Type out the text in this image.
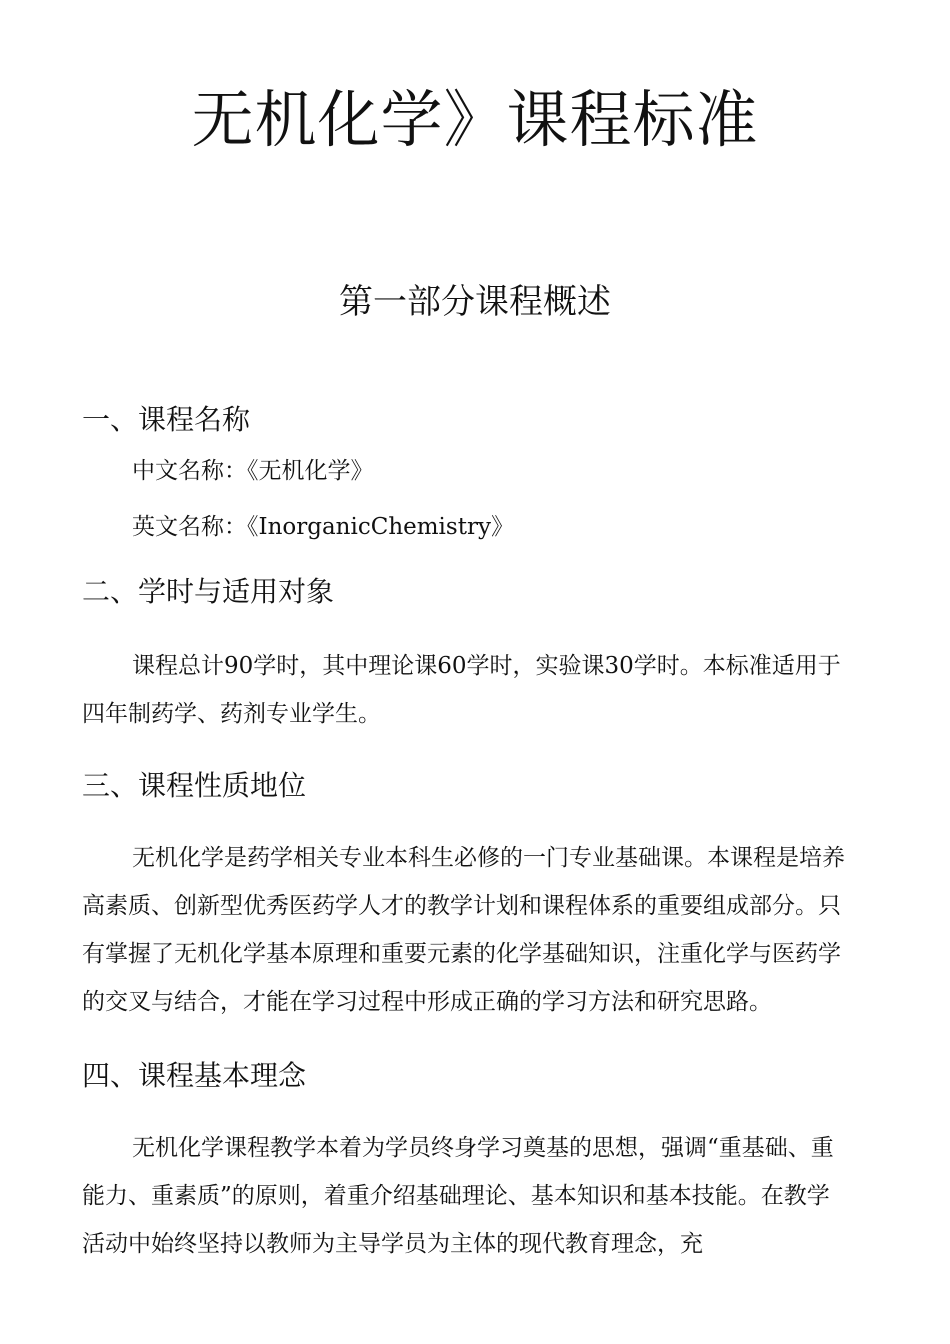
无机化学》课程标准
第一部分课程概述
一、课程名称

中文名称：《无机化学》

英文名称：《InorganicChemistry》

二、学时与适用对象

课程总计90学时，其中理论课60学时，实验课30学时。本标准适用于四年制药学、药剂专业学生。

三、课程性质地位

无机化学是药学相关专业本科生必修的一门专业基础课。本课程是培养高素质、创新型优秀医药学人才的教学计划和课程体系的重要组成部分。只有掌握了无机化学基本原理和重要元素的化学基础知识，注重化学与医药学的交叉与结合，才能在学习过程中形成正确的学习方法和研究思路。

四、课程基本理念

无机化学课程教学本着为学员终身学习奠基的思想，强调“重基础、重能力、重素质”的原则，着重介绍基础理论、基本知识和基本技能。在教学活动中始终坚持以教师为主导学员为主体的现代教育理念，充
